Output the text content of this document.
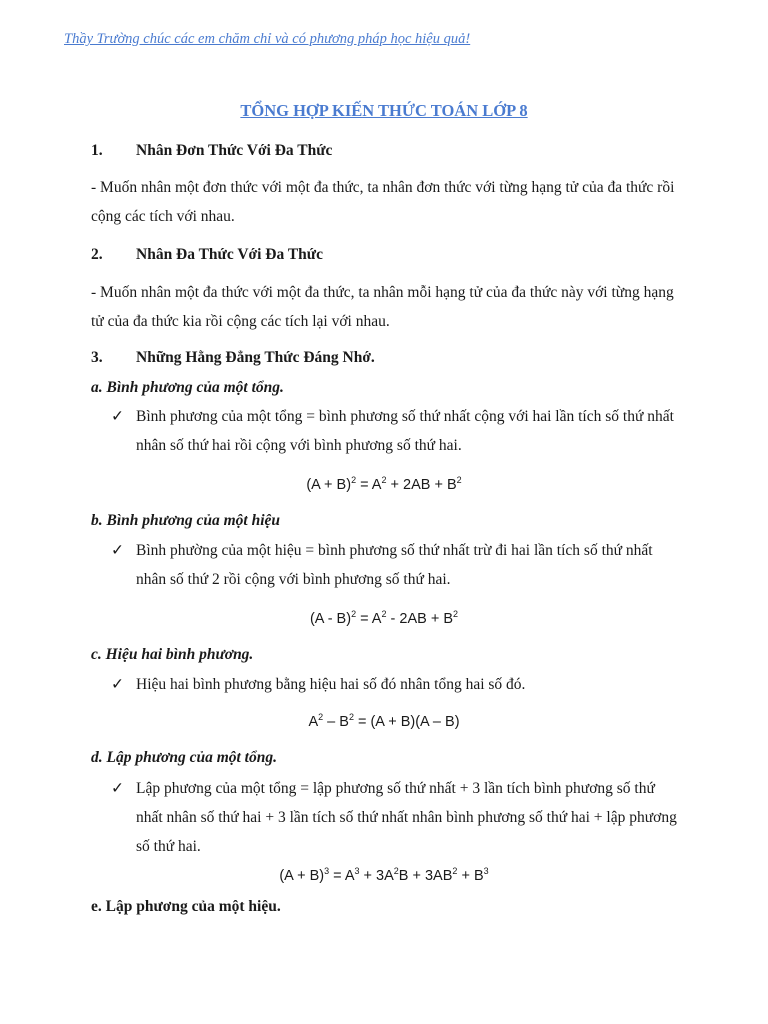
Thầy Trường chúc các em chăm chỉ và có phương pháp học hiệu quả!
TỔNG HỢP KIẾN THỨC TOÁN LỚP 8
1. Nhân Đơn Thức Với Đa Thức
- Muốn nhân một đơn thức với một đa thức, ta nhân đơn thức với từng hạng tử của đa thức rồi cộng các tích với nhau.
2. Nhân Đa Thức Với Đa Thức
- Muốn nhân một đa thức với một đa thức, ta nhân mỗi hạng tử của đa thức này với từng hạng tử của đa thức kia rồi cộng các tích lại với nhau.
3. Những Hằng Đẳng Thức Đáng Nhớ.
a. Bình phương của một tổng.
✓ Bình phương của một tổng = bình phương số thứ nhất cộng với hai lần tích số thứ nhất nhân số thứ hai rồi cộng với bình phương số thứ hai.
$(A + B)^2 = A^2 + 2AB + B^2$
b. Bình phương của một hiệu
✓ Bình phường của một hiệu = bình phương số thứ nhất trừ đi hai lần tích số thứ nhất nhân số thứ 2 rồi cộng với bình phương số thứ hai.
$(A - B)^2 = A^2 - 2AB + B^2$
c. Hiệu hai bình phương.
✓ Hiệu hai bình phương bằng hiệu hai số đó nhân tổng hai số đó.
$A^2 - B^2 = (A + B)(A - B)$
d. Lập phương của một tổng.
✓ Lập phương của một tổng = lập phương số thứ nhất + 3 lần tích bình phương số thứ nhất nhân số thứ hai + 3 lần tích số thứ nhất nhân bình phương số thứ hai + lập phương số thứ hai.
$(A + B)^3 = A^3 + 3A^2B + 3AB^2 + B^3$
e. Lập phương của một hiệu.
